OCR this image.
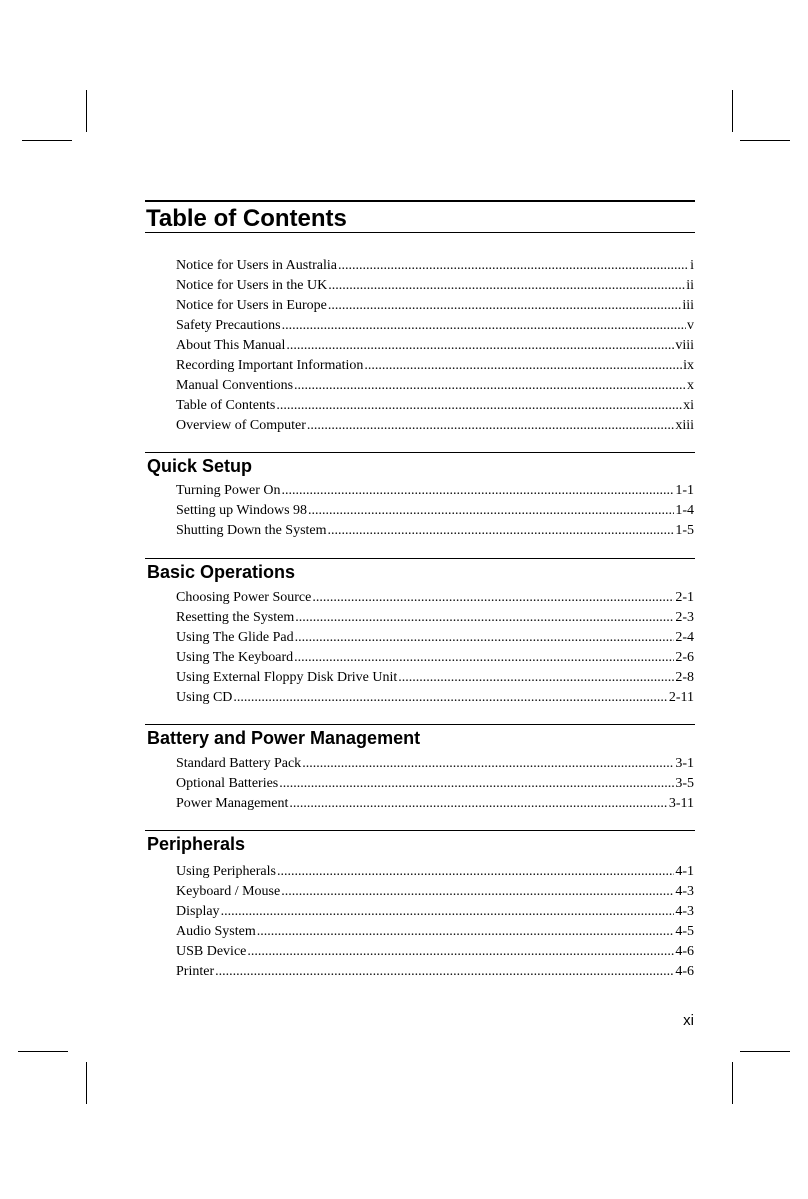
Table of Contents
Notice for Users in Australia .....	i
Notice for Users in the UK .....	ii
Notice for Users in Europe .....	iii
Safety Precautions .....	v
About This Manual .....	viii
Recording Important Information .....	ix
Manual Conventions .....	x
Table of Contents .....	xi
Overview of Computer .....	xiii
Quick Setup
Turning Power On .....	1-1
Setting up Windows 98 .....	1-4
Shutting Down the System .....	1-5
Basic Operations
Choosing Power Source .....	2-1
Resetting the System .....	2-3
Using The Glide Pad .....	2-4
Using The Keyboard .....	2-6
Using External Floppy Disk Drive Unit .....	2-8
Using CD .....	2-11
Battery and Power Management
Standard Battery Pack .....	3-1
Optional Batteries .....	3-5
Power Management .....	3-11
Peripherals
Using Peripherals .....	4-1
Keyboard / Mouse .....	4-3
Display .....	4-3
Audio System .....	4-5
USB Device .....	4-6
Printer .....	4-6
xi
